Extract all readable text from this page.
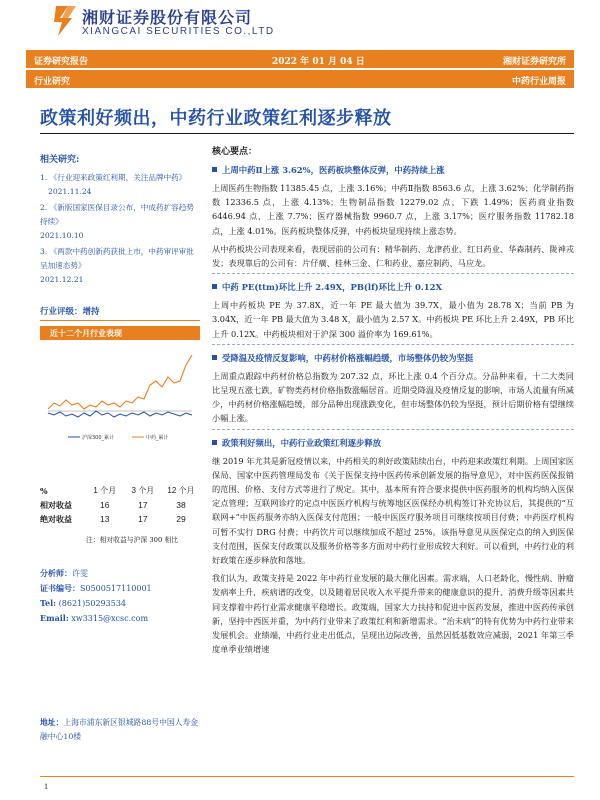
湘财证券股份有限公司
XIANGCAI SECURITIES CO.,LTD
证券研究报告	2022 年 01 月 04 日	湘财证券研究所
行业研究	中药行业周报
政策利好频出，中药行业政策红利逐步释放
相关研究:
1. 《行业迎来政策红利期，关注品牌中药》
2021.11.24
2. 《新版国家医保目录公布，中成药扩容趋势持续》
2021.10.10
3. 《两款中药创新药获批上市，中药审评审批呈加速态势》
2021.12.21
行业评级：增持
近十二个月行业表现
沪深300_累计	中药_累计
%	1 个月	3 个月	12 个月
相对收益	16	17	38
绝对收益	13	17	29
注：相对收益与沪深 300 相比
分析师：许雯
证书编号：S0500517110001
Tel: (8621)50293534
Email: xw3315@xcsc.com
地址：上海市浦东新区银城路88号中国人寿金融中心10楼
核心要点：
上周中药Ⅱ上涨 3.62%，医药板块整体反弹，中药持续上涨
上周医药生物指数 11385.45 点，上涨 3.16%；中药Ⅱ指数 8563.6 点，上涨 3.62%；化学制药指数 12336.5 点，上涨 4.13%；生物制品指数 12279.02 点，下跌 1.49%；医药商业指数 6446.94 点，上涨 7.7%；医疗器械指数 9960.7 点，上涨 3.17%；医疗服务指数 11782.18 点，上涨 4.01%。医药板块整体反弹，中药板块显现持续上涨态势。
从中药板块公司表现来看，表现居前的公司有：精华制药、龙津药业、红日药业、华森制药、陇神戎发；表现靠后的公司有：片仔癀、桂林三金、仁和药业、嘉应制药、马应龙。
中药 PE(ttm)环比上升 2.49X，PB(lf)环比上升 0.12X
上周中药板块 PE 为 37.8X，近一年 PE 最大值为 39.7X，最小值为 28.78 X；当前 PB 为 3.04X，近一年 PB 最大值为 3.48 X，最小值为 2.57 X。中药板块 PE 环比上升 2.49X，PB 环比上升 0.12X。中药板块相对于沪深 300 溢价率为 169.61%。
受降温及疫情反复影响，中药材价格涨幅趋缓，市场整体仍较为坚挺
上周重点跟踪中药材价格总指数为 207.32 点，环比上涨 0.4 个百分点。分品种来看，十二大类同比呈现五涨七跌，矿物类药材价格指数涨幅居首。近期受降温及疫情反复的影响，市场人流量有所减少，中药材价格涨幅趋缓，部分品种出现涨跌变化，但市场整体仍较为坚挺，预计后期价格有望继续小幅上涨。
政策利好频出，中药行业政策红利逐步释放
继 2019 年尤其是新冠疫情以来，中药相关的利好政策陆续出台，中药迎来政策红利期。上周国家医保局、国家中医药管理局发布《关于医保支持中医药传承创新发展的指导意见》，对中医药医保报销的范围、价格、支付方式等进行了规定。其中，基本所有符合要求提供中医药服务的机构均纳入医保定点管理；互联网诊疗的定点中医医疗机构与统筹地区医保经办机构签订补充协议后，其提供的“互联网+”中医药服务亦纳入医保支付范围；一般中医医疗服务项目可继续按项目付费；中药医疗机构可暂不实行 DRG 付费；中药饮片可以继续加成不超过 25%。该指导意见从医保定点的纳入到医保支付范围，医保支付政策以及服务价格等多方面对中药行业形成较大利好。可以看到，中药行业的利好政策在逐步释放和落地。
我们认为，政策支持是 2022 年中药行业发展的最大催化因素。需求端，人口老龄化，慢性病、肿瘤发病率上升，疾病谱的改变，以及随着居民收入水平提升带来的健康意识的提升、消费升级等因素共同支撑着中药行业需求健康平稳增长。政策端，国家大力扶持和促进中医药发展，推进中医药传承创新，坚持中西医并重，为中药行业带来了政策红利和新增需求。“治未病”的特有优势为中药行业带来发展机会。业绩端，中药行业走出低点，呈现出边际改善，虽然因低基数效应减弱，2021 年第三季度单季业绩增速
1
